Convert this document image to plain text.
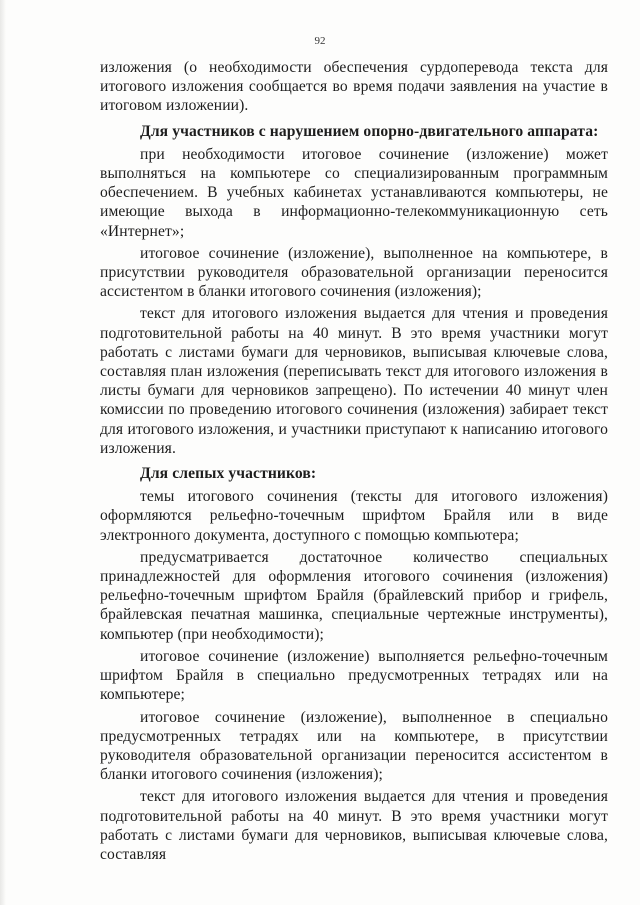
92

изложения (о необходимости обеспечения сурдоперевода текста для итогового изложения сообщается во время подачи заявления на участие в итоговом изложении).

Для участников с нарушением опорно-двигательного аппарата:

при необходимости итоговое сочинение (изложение) может выполняться на компьютере со специализированным программным обеспечением. В учебных кабинетах устанавливаются компьютеры, не имеющие выхода в информационно-телекоммуникационную сеть «Интернет»;

итоговое сочинение (изложение), выполненное на компьютере, в присутствии руководителя образовательной организации переносится ассистентом в бланки итогового сочинения (изложения);

текст для итогового изложения выдается для чтения и проведения подготовительной работы на 40 минут. В это время участники могут работать с листами бумаги для черновиков, выписывая ключевые слова, составляя план изложения (переписывать текст для итогового изложения в листы бумаги для черновиков запрещено). По истечении 40 минут член комиссии по проведению итогового сочинения (изложения) забирает текст для итогового изложения, и участники приступают к написанию итогового изложения.

Для слепых участников:

темы итогового сочинения (тексты для итогового изложения) оформляются рельефно-точечным шрифтом Брайля или в виде электронного документа, доступного с помощью компьютера;

предусматривается достаточное количество специальных принадлежностей для оформления итогового сочинения (изложения) рельефно-точечным шрифтом Брайля (брайлевский прибор и грифель, брайлевская печатная машинка, специальные чертежные инструменты), компьютер (при необходимости);

итоговое сочинение (изложение) выполняется рельефно-точечным шрифтом Брайля в специально предусмотренных тетрадях или на компьютере;

итоговое сочинение (изложение), выполненное в специально предусмотренных тетрадях или на компьютере, в присутствии руководителя образовательной организации переносится ассистентом в бланки итогового сочинения (изложения);

текст для итогового изложения выдается для чтения и проведения подготовительной работы на 40 минут. В это время участники могут работать с листами бумаги для черновиков, выписывая ключевые слова, составляя
